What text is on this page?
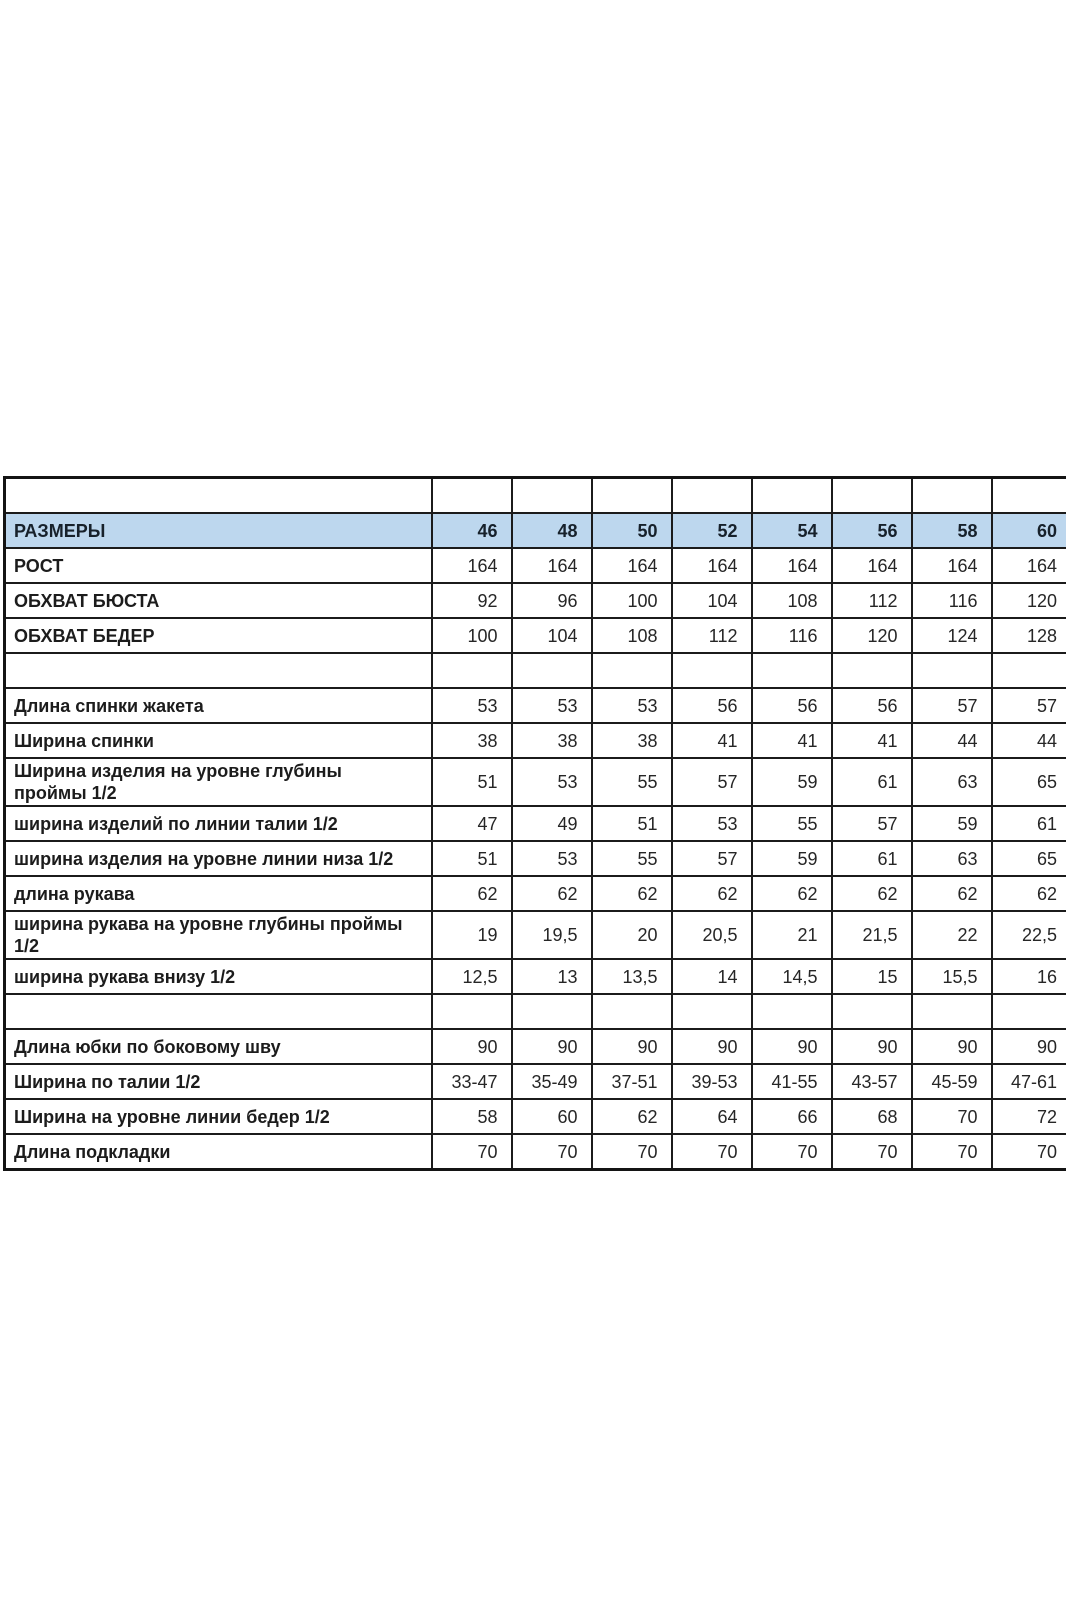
РАЗМЕРЫ	46	48	50	52	54	56	58	60
РОСТ	164	164	164	164	164	164	164	164
ОБХВАТ БЮСТА	92	96	100	104	108	112	116	120
ОБХВАТ БЕДЕР	100	104	108	112	116	120	124	128

Длина спинки жакета	53	53	53	56	56	56	57	57
Ширина спинки	38	38	38	41	41	41	44	44
Ширина изделия на уровне глубины проймы 1/2	51	53	55	57	59	61	63	65
ширина изделий по линии талии 1/2	47	49	51	53	55	57	59	61
ширина изделия на уровне линии низа 1/2	51	53	55	57	59	61	63	65
длина рукава	62	62	62	62	62	62	62	62
ширина рукава на уровне глубины проймы 1/2	19	19,5	20	20,5	21	21,5	22	22,5
ширина рукава внизу 1/2	12,5	13	13,5	14	14,5	15	15,5	16

Длина юбки по боковому шву	90	90	90	90	90	90	90	90
Ширина по талии 1/2	33-47	35-49	37-51	39-53	41-55	43-57	45-59	47-61
Ширина на уровне линии бедер 1/2	58	60	62	64	66	68	70	72
Длина подкладки	70	70	70	70	70	70	70	70
